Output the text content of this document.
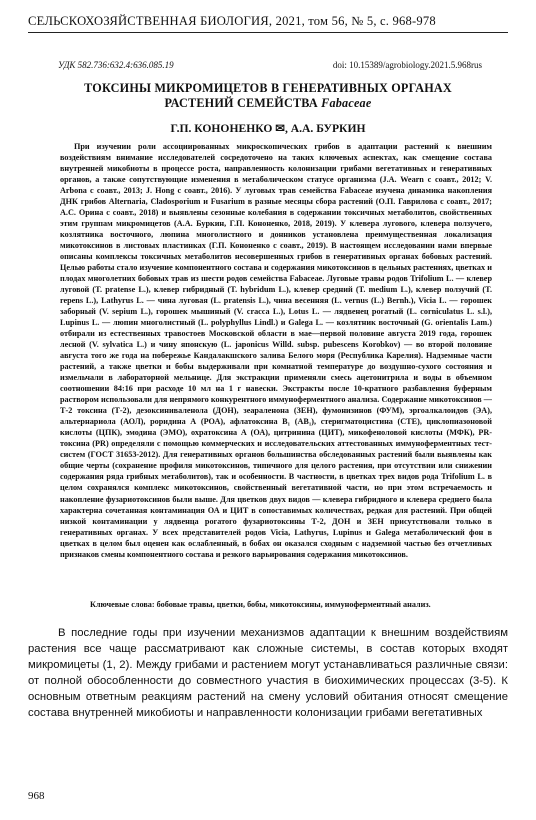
СЕЛЬСКОХОЗЯЙСТВЕННАЯ БИОЛОГИЯ, 2021, том 56, № 5, с. 968-978
УДК 582.736:632.4:636.085.19	doi: 10.15389/agrobiology.2021.5.968rus
ТОКСИНЫ МИКРОМИЦЕТОВ В ГЕНЕРАТИВНЫХ ОРГАНАХ
РАСТЕНИЙ СЕМЕЙСТВА Fabaceae
Г.П. КОНОНЕНКО ✉, А.А. БУРКИН

При изучении роли ассоциированных микроскопических грибов в адаптации растений к внешним воздействиям внимание исследователей сосредоточено на таких ключевых аспектах, как смещение состава внутренней микобиоты в процессе роста, направленность колонизации грибами вегетативных и генеративных органов, а также сопутствующие изменения в метаболическом статусе организма (J.A. Wearn с соавт., 2012; V. Arbona с соавт., 2013; J. Hong с соавт., 2016). У луговых трав семейства Fabaceae изучена динамика накопления ДНК грибов Alternaria, Cladosporium и Fusarium в разные месяцы сбора растений (О.П. Гаврилова с соавт., 2017; А.С. Орина с соавт., 2018) и выявлены сезонные колебания в содержании токсичных метаболитов, свойственных этим группам микромицетов (А.А. Буркин, Г.П. Кононенко, 2018, 2019). У клевера лугового, клевера ползучего, козлятника восточного, люпина многолистного и донников установлена преимущественная локализация микотоксинов в листовых пластинках (Г.П. Кононенко с соавт., 2019). В настоящем исследовании нами впервые описаны комплексы токсичных метаболитов несовершенных грибов в генеративных органах бобовых растений. Целью работы стало изучение компонентного состава и содержания микотоксинов в цельных растениях, цветках и плодах многолетних бобовых трав из шести родов семейства Fabaceae. Луговые травы родов Trifolium L. — клевер луговой (T. pratense L.), клевер гибридный (T. hybridum L.), клевер средний (T. medium L.), клевер ползучий (T. repens L.), Lathyrus L. — чина луговая (L. pratensis L.), чина весенняя (L. vernus (L.) Bernh.), Vicia L. — горошек заборный (V. sepium L.), горошек мышиный (V. cracca L.), Lotus L. — лядвенец рогатый (L. corniculatus L. s.l.), Lupinus L. — люпин многолистный (L. polyphyllus Lindl.) и Galega L. — козлятник восточный (G. orientalis Lam.) отбирали из естественных травостоев Московской области в мае—первой половине августа 2019 года, горошек лесной (V. sylvatica L.) и чину японскую (L. japonicus Willd. subsp. pubescens Korobkov) — во второй половине августа того же года на побережье Кандалакшского залива Белого моря (Республика Карелия). Надземные части растений, а также цветки и бобы выдерживали при комнатной температуре до воздушно-сухого состояния и измельчали в лабораторной мельнице. Для экстракции применяли смесь ацетонитрила и воды в объемном соотношении 84:16 при расходе 10 мл на 1 г навески. Экстракты после 10-кратного разбавления буферным раствором использовали для непрямого конкурентного иммуноферментного анализа. Содержание микотоксинов — Т-2 токсина (Т-2), дезоксиниваленола (ДОН), зеараленона (ЗЕН), фумонизинов (ФУМ), эргоалкалоидов (ЭА), альтернариола (АОЛ), роридина А (РОА), афлатоксина B₁ (AB₁), стеригматоцистина (СТЕ), циклопиазоновой кислоты (ЦПК), эмодина (ЭМО), охратоксина А (ОА), цитринина (ЦИТ), микофеноловой кислоты (МФК), PR-токсина (PR) определяли с помощью коммерческих и исследовательских аттестованных иммуноферментных тест-систем (ГОСТ 31653-2012). Для генеративных органов большинства обследованных растений были выявлены как общие черты (сохранение профиля микотоксинов, типичного для целого растения, при отсутствии или снижении содержания ряда грибных метаболитов), так и особенности. В частности, в цветках трех видов рода Trifolium L. в целом сохранялся комплекс микотоксинов, свойственный вегетативной части, но при этом встречаемость и накопление фузариотоксинов были выше. Для цветков двух видов — клевера гибридного и клевера среднего была характерна сочетанная контаминация ОА и ЦИТ в сопоставимых количествах, редкая для растений. При общей низкой контаминации у лядвенца рогатого фузариотоксины Т-2, ДОН и ЗЕН присутствовали только в генеративных органах. У всех представителей родов Vicia, Lathyrus, Lupinus и Galega метаболический фон в цветках в целом был оценен как ослабленный, в бобах он оказался сходным с надземной частью без отчетливых признаков смены компонентного состава и резкого варьирования содержания микотоксинов.

Ключевые слова: бобовые травы, цветки, бобы, микотоксины, иммуноферментный анализ.

В последние годы при изучении механизмов адаптации к внешним воздействиям растения все чаще рассматривают как сложные системы, в состав которых входят микромицеты (1, 2). Между грибами и растением могут устанавливаться различные связи: от полной обособленности до совместного участия в биохимических процессах (3-5). К основным ответным реакциям растений на смену условий обитания относят смещение состава внутренней микобиоты и направленности колонизации грибами вегетативных

968
